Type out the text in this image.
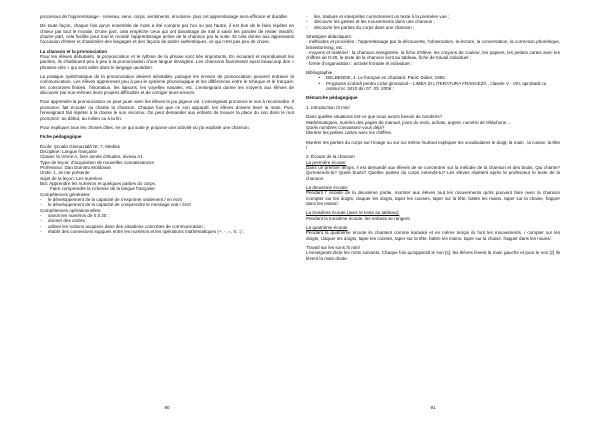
processus de l'apprentissage - cerveau, sens, corps, sentiments, émotions- plus cet apprentissage sera efficace et durable.

De toute façon, chaque fois qu'un ensemble de mots a été compris par l'un ou par l'autre, il est bon de le faire répéter en chœur par tout le monde. D'une part, cela empêche ceux qui ont davantage de mal à saisir les paroles de rester inactifs; d'autre part, cela facilite pour tout le monde l'apprentissage active de la chanson par la suite. Et cela donne aux apprenants l'occasion d'imiter et d'assimiler des langages et des façons de parler authentiques, ce qui n'est pas peu de chose.

La chanson et la prononciation

Pour les élèves débutants, la prononciation et le rythme de la phrase sont très importants. En écoutant et reproduisant les paroles, ils s'habituent peu à peu à la prononciation d'une langue étrangère. Les chansons fournissent aussi beaucoup des « phrases-clés » qui sont utiles dans le langage quotidien.

La pratique systématique de la prononciation devient inévitable, puisque les erreurs de prononciation peuvent entraver la communication. Les élèves apprennent peu à peu le système phonologique et les différences entre le tchèque et le français: les consonnes finales, l'intonation, les liaisons, les voyelles nasales, etc. L'enseignant donne les moyens aux élèves de découvrir par eux-mêmes leurs propres difficultés et de corriger leurs erreurs.

Pour apprendre la prononciation on peut jouer avec les élèves le jeu pigeon vol. L'enseignant prononce le son à reconnaître. Il prononce, fait écouter ou chante la chanson. Chaque fois que ce son apparaît, les élèves doivent lever la main. Puis, l'enseignant fait répéter à la classe le son reconnu. On peut demander aux enfants de trouver la place du son dans le mot prononcé: au début, au milieu ou à la fin.

Pour expliquer tous les choses dites, en ce qui suite je propose une activité où j'ai exploité une chanson.

Fiche pédagogique
École: Şcoala Gimnazială Nr. 7, Medieș
Discipline: Langue française
Classe: la Vème A, livre année d'études, niveau A1
Type de leçon: d'acquisition de nouvelles connaissances
Professeur: Dan Dumitru Moldovan
Unité: 1. Je me présente
Sujet de la leçon: Les numéros
But: Apprendre les numéros et quelques parties du corps.
Faire comprendre la richesse de la langue française.
Compétences générales:
-	le développement de la capacité de s'exprimer oralement / en écrit
-	le développement de la capacité de comprendre le message oral / écrit
Compétences opérationnelles:
-	savoir les numéros de 0 à 20 ;
-	donner des ordres ;
-	utiliser les notions acquises dans des situations concrètes de communication ;
-	établir des connexions logiques entre les numéros et les opérations mathématiques (+, -, =, X, :) ;
90
-	lire, traduire et interpréter correctement un texte à la première vue ;
-	découvrir les gestes et les mouvements dans une chanson ;
-	découvrir les parties du corps dans une chanson ;
Stratégies didactiques:

- méthodes et procédés : l'apprentissage par la découverte, l'observation, la lecture, la conversation, la correction phonétique, brainstorming, etc. ;

- moyens et matériel : la chanson enregistrée, la fiche d'élève, les crayons de couleur, les papiers, les petites cartes avec les chiffres de 0-20, le texte de la chanson écrit au tableau, fiche de travail individuel ;

- forme d'organisation : activité frontale et individuel ;

Bibliographie :
•	DELBENDE, J. Le français en chantant. Paris: Didier, 1992.
•	Programa școlară pentru ciclul gimnazial – LIMBA ȘI LITERATURA FRANCEZĂ , clasele V - VIII, aprobată cu ordinul nr. 3410 din 07. 03. 2006 ;
Démarche pédagogique
1. Introduction /3 min/
Dans quelles situations est-ce que nous avons besoin de nombres?
Mathématiques, numéro des pages de manuel, jours du mois, achats, argent, numéro de téléphone....
Quels nombres connaissez-vous déjà?
Montrer les petites cartes avec les chiffres.

Montrer les parties du corps sur l'image ou sur soi même /surtout expliquer les vocabulaires le doigt, la main , la cuisse, la tête /

2. Écoute de la chanson
La première écoute:

Dans un premier temps, il est demandé aux élèves de se concentrer sur la mélodie de la chanson et des bruits. Qui chante? Qu'entends-tu? Quels bruits? Quelles parties du corps entends-tu? Les élèves répètent après le professeur le texte de la chanson.

La deuxième écoute:

Pendant l' écoute de la deuxième partie, montrer aux élèves tout les mouvements qu'ils pouvent faire avec la chanson /compter sur les doigts, claquer les doigts, taper les cuisses, taper sur la tête, battre les mains, taper sur la chaise, frapper dans les mains/.

La troisième écoute (avec le texte au tableau):

Pendant la troisième écoute, les enfants se rangent.

La quatrième écoute

Pendant la quatrième écoute ils chantent comme karaoké et en même temps ils font les mouvements. / compter sur les doigts, claquer les doigts, taper les cuisses, taper sur la tête, battre les mains, taper sur la chaise, frapper dans les mains/.

Travail sur les sons /5 min/

L'enseignant dicte les mots suivants. Chaque fois qu'apparaît le son [s], les élèves lèvent la main gauche et pour le son [z] ils lèvent la main droite.

91
